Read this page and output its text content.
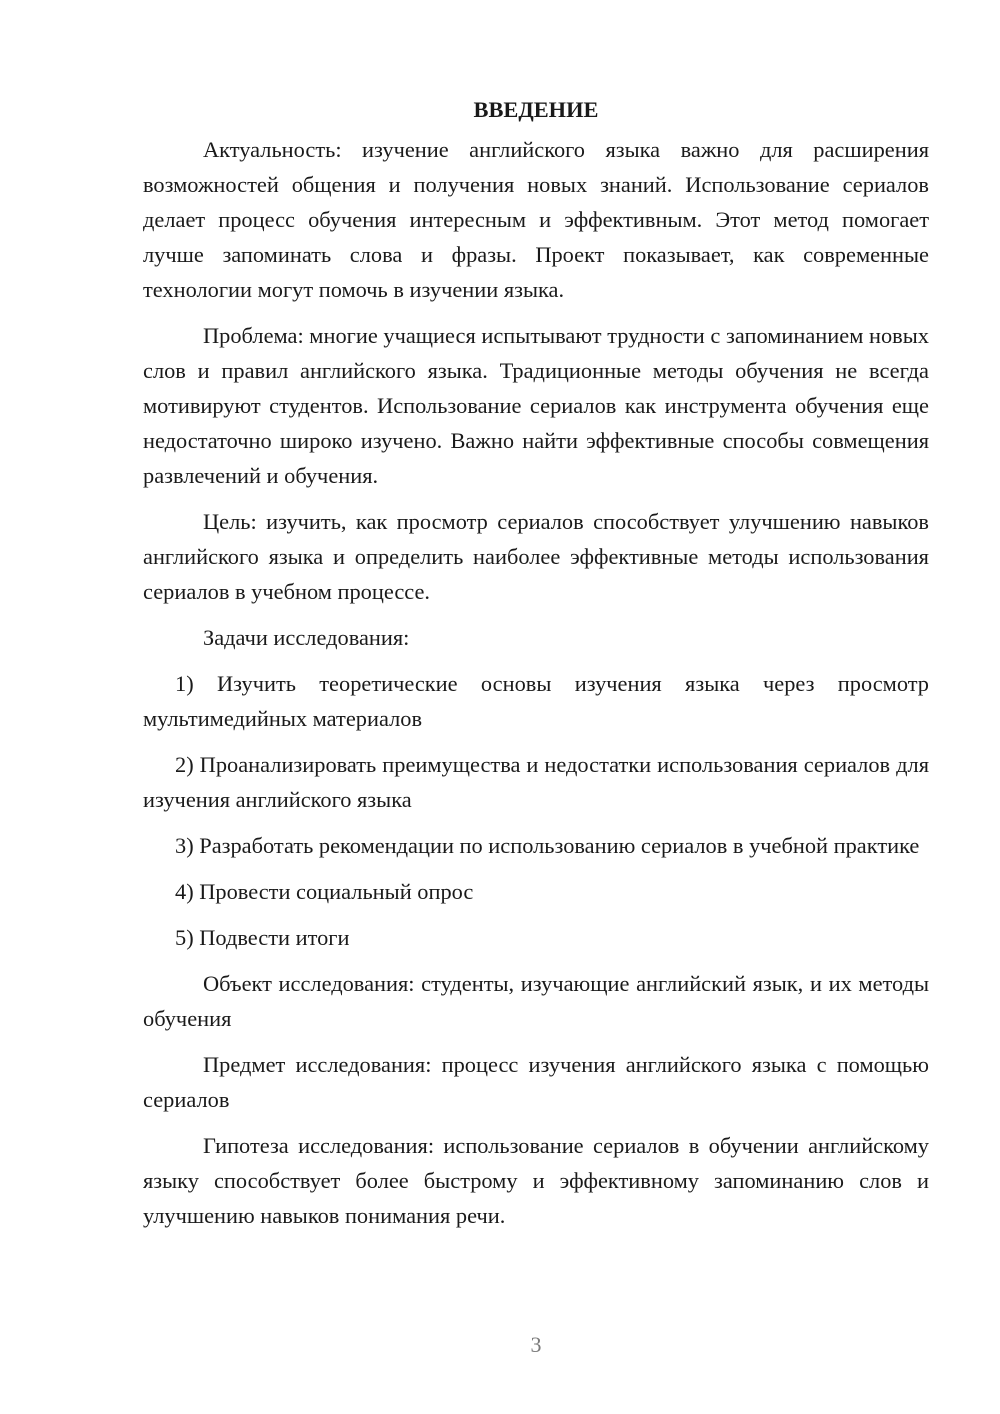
ВВЕДЕНИЕ
Актуальность: изучение английского языка важно для расширения возможностей общения и получения новых знаний. Использование сериалов делает процесс обучения интересным и эффективным. Этот метод помогает лучше запоминать слова и фразы. Проект показывает, как современные технологии могут помочь в изучении языка.
Проблема: многие учащиеся испытывают трудности с запоминанием новых слов и правил английского языка. Традиционные методы обучения не всегда мотивируют студентов. Использование сериалов как инструмента обучения еще недостаточно широко изучено. Важно найти эффективные способы совмещения развлечений и обучения.
Цель: изучить, как просмотр сериалов способствует улучшению навыков английского языка и определить наиболее эффективные методы использования сериалов в учебном процессе.
Задачи исследования:
1) Изучить теоретические основы изучения языка через просмотр мультимедийных материалов
2) Проанализировать преимущества и недостатки использования сериалов для изучения английского языка
3) Разработать рекомендации по использованию сериалов в учебной практике
4) Провести социальный опрос
5) Подвести итоги
Объект исследования: студенты, изучающие английский язык, и их методы обучения
Предмет исследования: процесс изучения английского языка с помощью сериалов
Гипотеза исследования: использование сериалов в обучении английскому языку способствует более быстрому и эффективному запоминанию слов и улучшению навыков понимания речи.
3
